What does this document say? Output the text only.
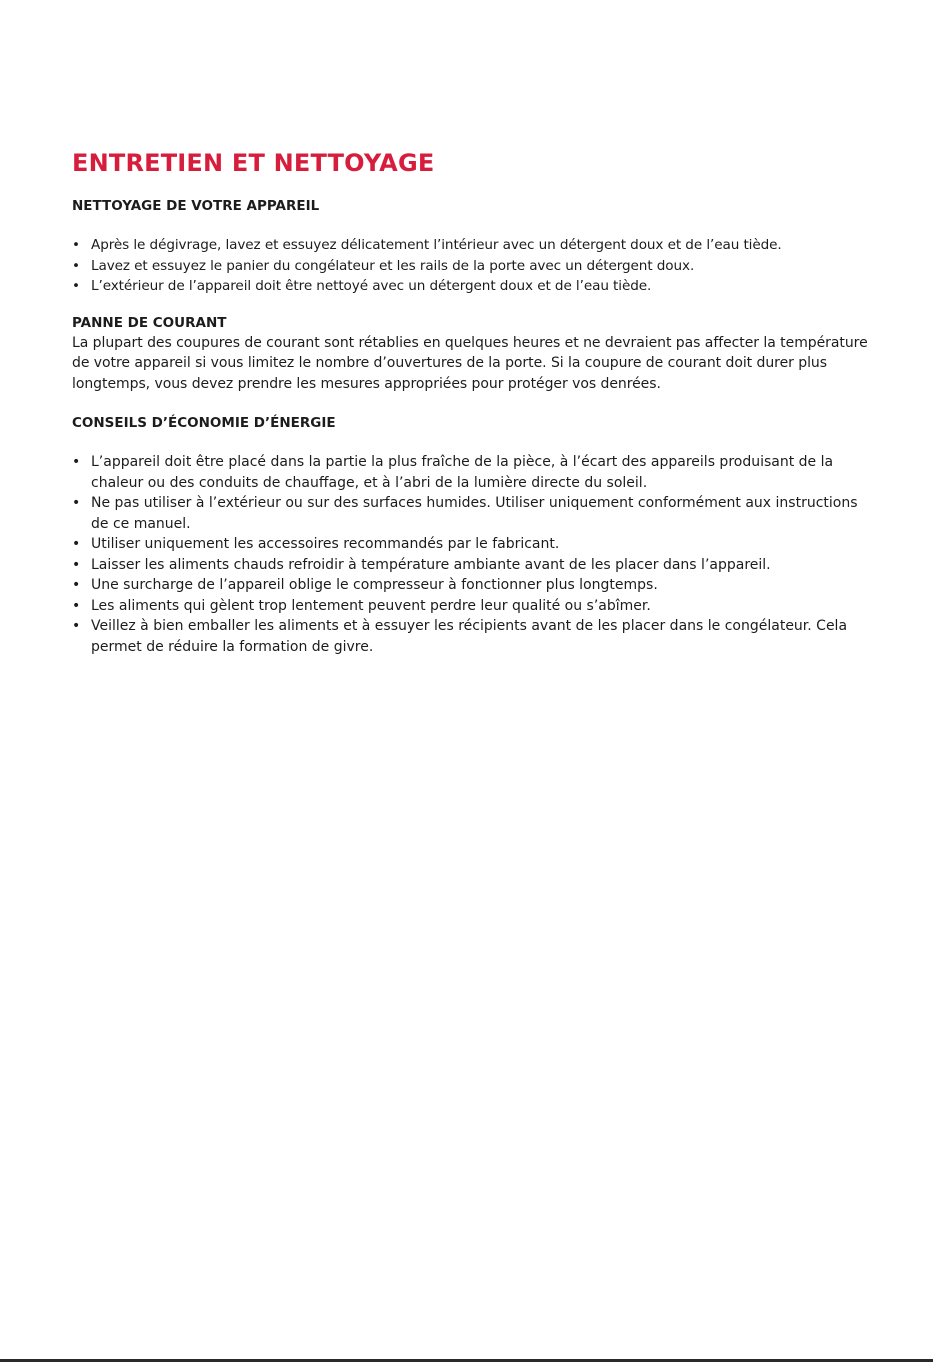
ENTRETIEN ET NETTOYAGE
NETTOYAGE DE VOTRE APPAREIL
• Après le dégivrage, lavez et essuyez délicatement l’intérieur avec un détergent doux et de l’eau tiède.
• Lavez et essuyez le panier du congélateur et les rails de la porte avec un détergent doux.
• L’extérieur de l’appareil doit être nettoyé avec un détergent doux et de l’eau tiède.
PANNE DE COURANT

La plupart des coupures de courant sont rétablies en quelques heures et ne devraient pas affecter la température de votre appareil si vous limitez le nombre d’ouvertures de la porte. Si la coupure de courant doit durer plus longtemps, vous devez prendre les mesures appropriées pour protéger vos denrées.

CONSEILS D’ÉCONOMIE D’ÉNERGIE
• L’appareil doit être placé dans la partie la plus fraîche de la pièce, à l’écart des appareils produisant de la chaleur ou des conduits de chauffage, et à l’abri de la lumière directe du soleil.
• Ne pas utiliser à l’extérieur ou sur des surfaces humides. Utiliser uniquement conformément aux instructions de ce manuel.
• Utiliser uniquement les accessoires recommandés par le fabricant.
• Laisser les aliments chauds refroidir à température ambiante avant de les placer dans l’appareil.
• Une surcharge de l’appareil oblige le compresseur à fonctionner plus longtemps.
• Les aliments qui gèlent trop lentement peuvent perdre leur qualité ou s’abîmer.
• Veillez à bien emballer les aliments et à essuyer les récipients avant de les placer dans le congélateur. Cela permet de réduire la formation de givre.
